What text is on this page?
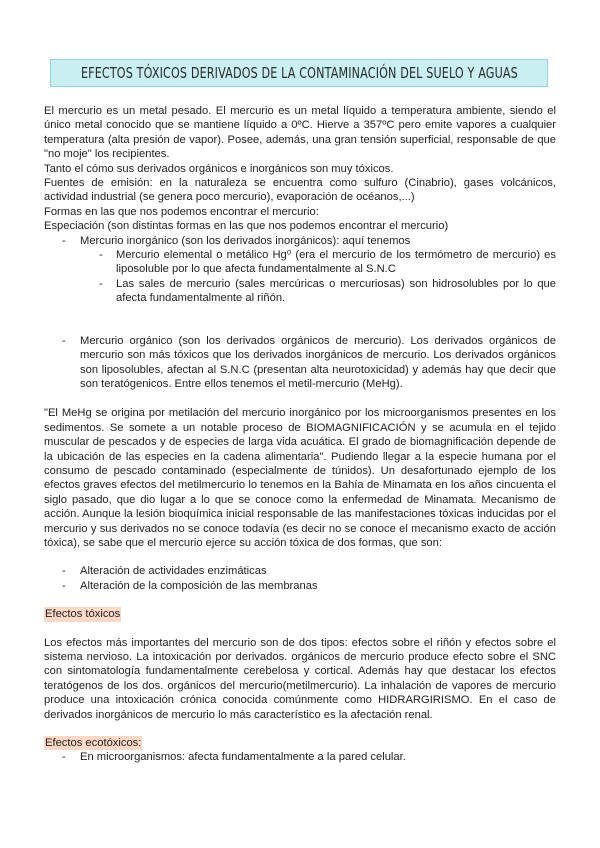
EFECTOS TÓXICOS DERIVADOS DE LA CONTAMINACIÓN DEL SUELO Y AGUAS

El mercurio es un metal pesado. El mercurio es un metal líquido a temperatura ambiente, siendo el único metal conocido que se mantiene líquido a 0ºC. Hierve a 357ºC pero emite vapores a cualquier temperatura (alta presión de vapor). Posee, además, una gran tensión superficial, responsable de que "no moje" los recipientes.

Tanto el cómo sus derivados orgánicos e inorgánicos son muy tóxicos.

Fuentes de emisión: en la naturaleza se encuentra como sulfuro (Cinabrio), gases volcánicos, actividad industrial (se genera poco mercurio), evaporación de océanos,...)

Formas en las que nos podemos encontrar el mercurio:

Especiación (son distintas formas en las que nos podemos encontrar el mercurio)

- Mercurio inorgánico (son los derivados inorgánicos): aquí tenemos

- Mercurio elemental o metálico Hg⁰ (era el mercurio de los termómetro de mercurio) es liposoluble por lo que afecta fundamentalmente al S.N.C

- Las sales de mercurio (sales mercúricas o mercuriosas) son hidrosolubles por lo que afecta fundamentalmente al riñón.

- Mercurio orgánico (son los derivados orgánicos de mercurio). Los derivados orgánicos de mercurio son más tóxicos que los derivados inorgánicos de mercurio. Los derivados orgánicos son liposolubles, afectan al S.N.C (presentan alta neurotoxicidad) y además hay que decir que son teratógenicos. Entre ellos tenemos el metil-mercurio (MeHg).

"El MeHg se origina por metilación del mercurio inorgánico por los microorganismos presentes en los sedimentos. Se somete a un notable proceso de BIOMAGNIFICACIÓN y se acumula en el tejido muscular de pescados y de especies de larga vida acuática. El grado de biomagnificación depende de la ubicación de las especies en la cadena alimentaria". Pudiendo llegar a la especie humana por el consumo de pescado contaminado (especialmente de túnidos). Un desafortunado ejemplo de los efectos graves efectos del metilmercurio lo tenemos en la Bahía de Minamata en los años cincuenta el siglo pasado, que dio lugar a lo que se conoce como la enfermedad de Minamata. Mecanismo de acción. Aunque la lesión bioquímica inicial responsable de las manifestaciones tóxicas inducidas por el mercurio y sus derivados no se conoce todavía (es decir no se conoce el mecanismo exacto de acción tóxica), se sabe que el mercurio ejerce su acción tóxica de dos formas, que son:

- Alteración de actividades enzimáticas

- Alteración de la composición de las membranas

Efectos tóxicos

Los efectos más importantes del mercurio son de dos tipos: efectos sobre el riñón y efectos sobre el sistema nervioso. La intoxicación por derivados. orgánicos de mercurio produce efecto sobre el SNC con sintomatología fundamentalmente cerebelosa y cortical. Además hay que destacar los efectos teratógenos de los dos. orgánicos del mercurio(metilmercurio). La inhalación de vapores de mercurio produce una intoxicación crónica conocida comúnmente como HIDRARGIRISMO. En el caso de derivados inorgánicos de mercurio lo más característico es la afectación renal.

Efectos ecotóxicos:

- En microorganismos: afecta fundamentalmente a la pared celular.
